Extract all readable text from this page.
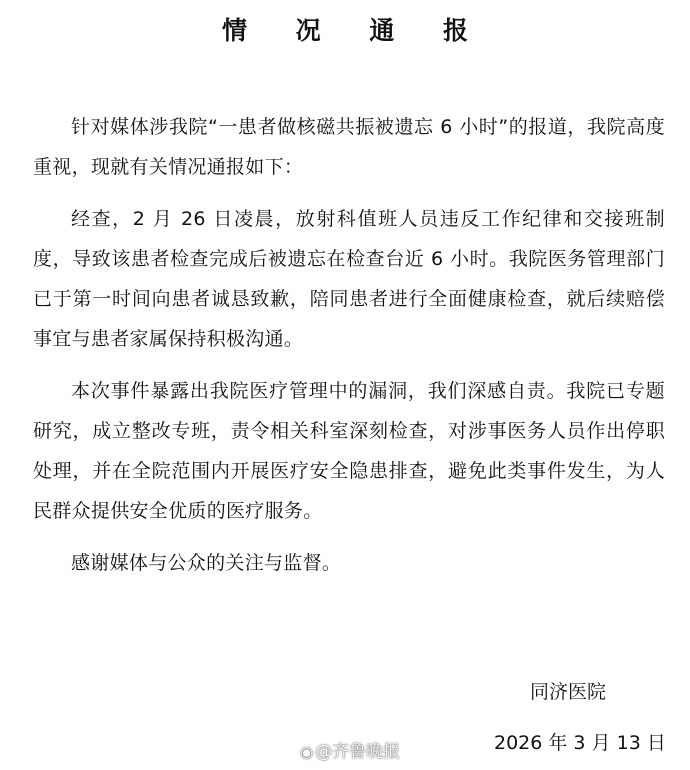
情 况 通 报

针对媒体涉我院“一患者做核磁共振被遗忘 6 小时”的报道，我院高度重视，现就有关情况通报如下：

经查，2 月 26 日凌晨，放射科值班人员违反工作纪律和交接班制度，导致该患者检查完成后被遗忘在检查台近 6 小时。我院医务管理部门已于第一时间向患者诚恳致歉，陪同患者进行全面健康检查，就后续赔偿事宜与患者家属保持积极沟通。

本次事件暴露出我院医疗管理中的漏洞，我们深感自责。我院已专题研究，成立整改专班，责令相关科室深刻检查，对涉事医务人员作出停职处理，并在全院范围内开展医疗安全隐患排查，避免此类事件发生，为人民群众提供安全优质的医疗服务。

感谢媒体与公众的关注与监督。

同济医院
◉ @齐鲁晚报	2026 年 3 月 13 日
